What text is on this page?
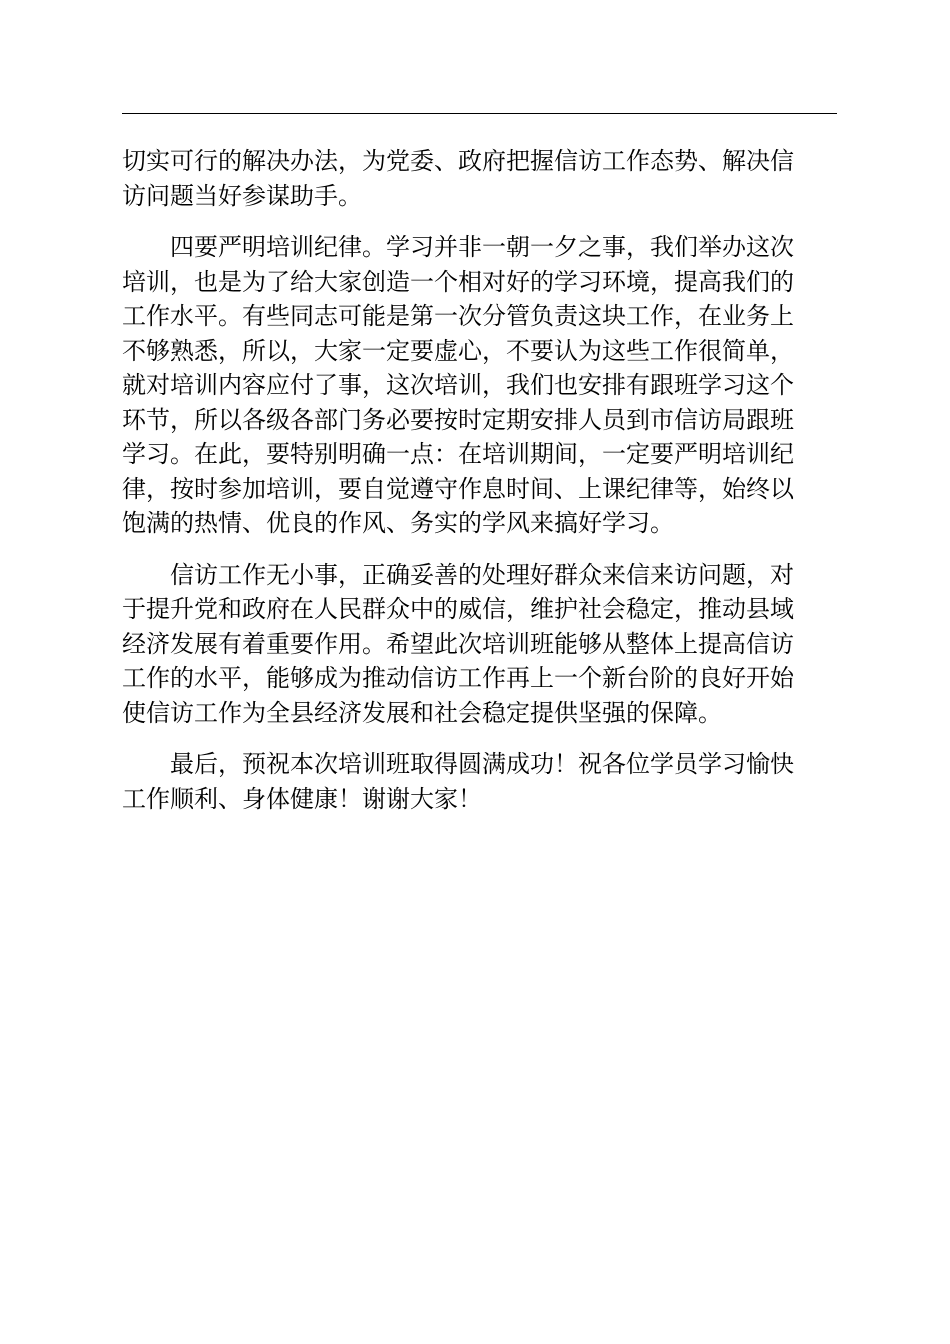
切实可行的解决办法，为党委、政府把握信访工作态势、解决信
访问题当好参谋助手。

　　四要严明培训纪律。学习并非一朝一夕之事，我们举办这次
培训，也是为了给大家创造一个相对好的学习环境，提高我们的
工作水平。有些同志可能是第一次分管负责这块工作，在业务上
不够熟悉，所以，大家一定要虚心，不要认为这些工作很简单，
就对培训内容应付了事，这次培训，我们也安排有跟班学习这个
环节，所以各级各部门务必要按时定期安排人员到市信访局跟班
学习。在此，要特别明确一点：在培训期间，一定要严明培训纪
律，按时参加培训，要自觉遵守作息时间、上课纪律等，始终以
饱满的热情、优良的作风、务实的学风来搞好学习。

　　信访工作无小事，正确妥善的处理好群众来信来访问题，对
于提升党和政府在人民群众中的威信，维护社会稳定，推动县域
经济发展有着重要作用。希望此次培训班能够从整体上提高信访
工作的水平，能够成为推动信访工作再上一个新台阶的良好开始
使信访工作为全县经济发展和社会稳定提供坚强的保障。

　　最后，预祝本次培训班取得圆满成功！祝各位学员学习愉快
工作顺利、身体健康！谢谢大家！
